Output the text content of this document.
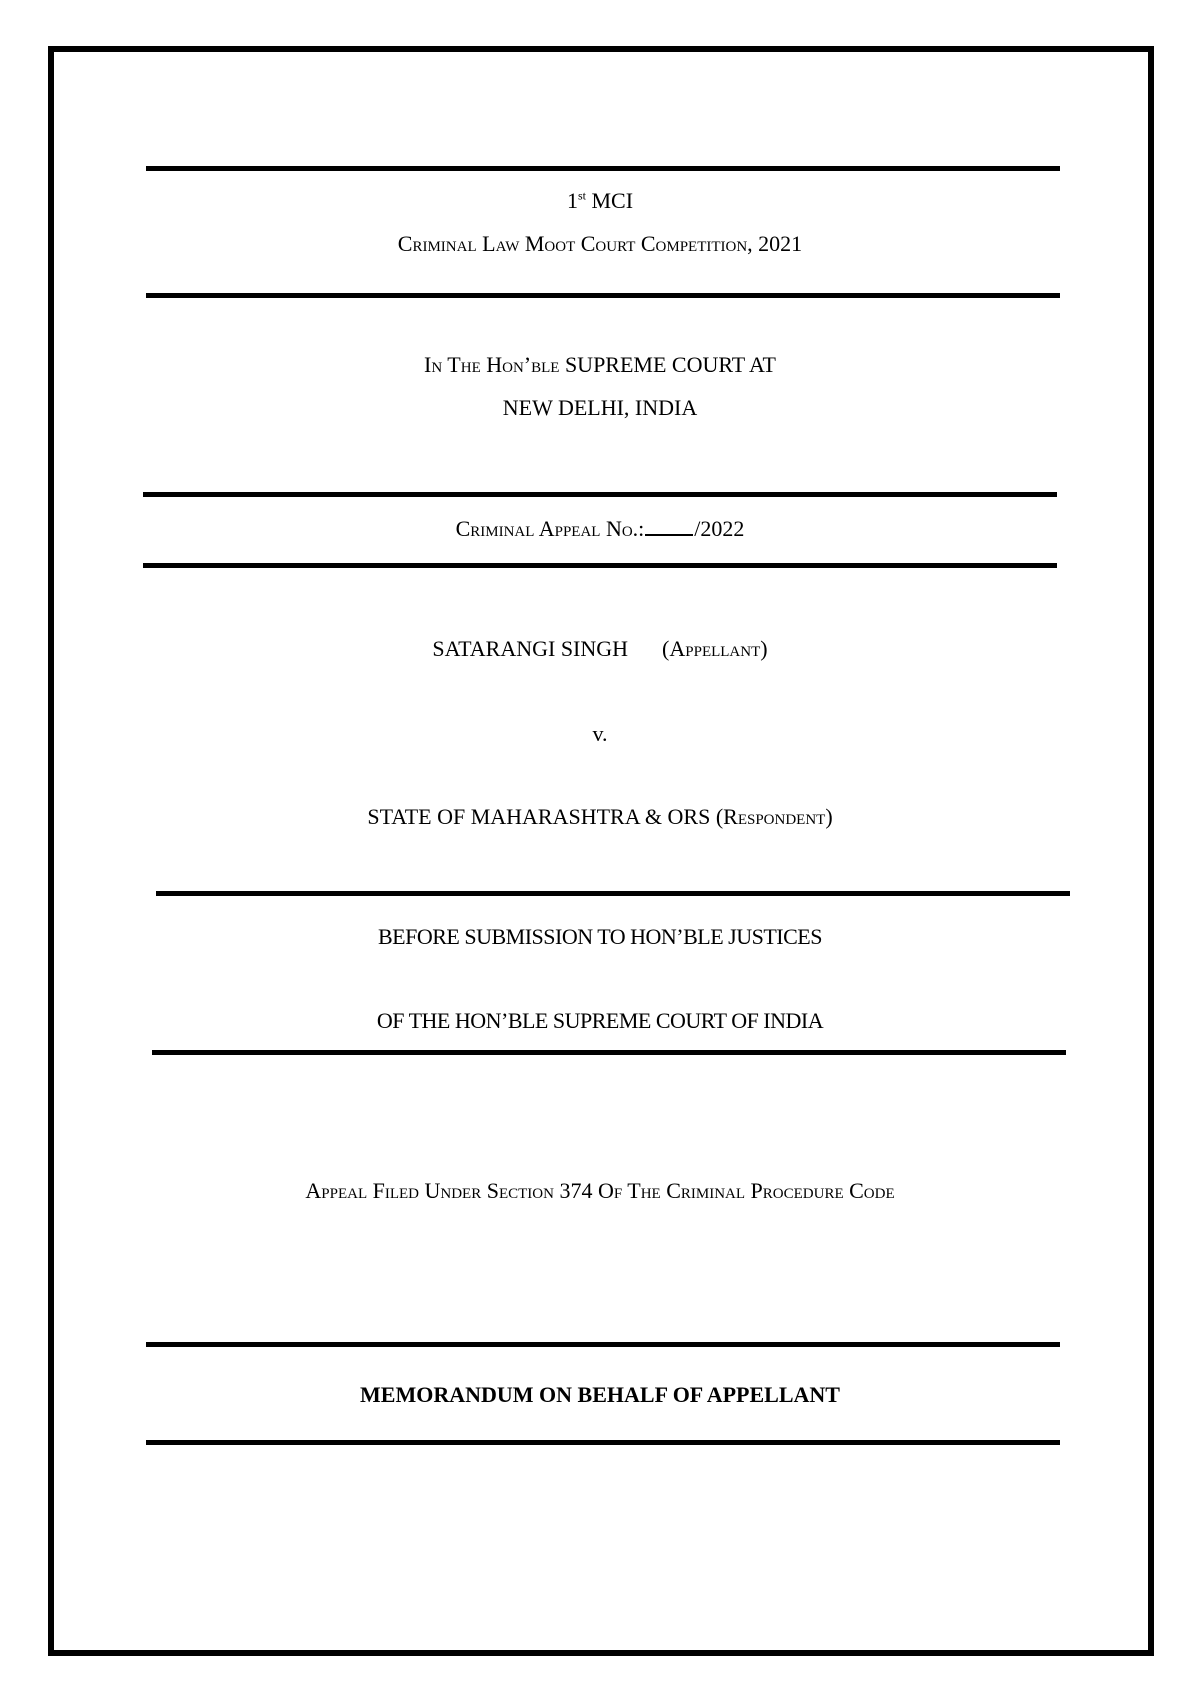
1st MCI
Criminal Law Moot Court Competition, 2021
In The Hon’ble SUPREME COURT AT
NEW DELHI, INDIA
Criminal Appeal No.: /2022
SATARANGI SINGH (Appellant)
v.
STATE OF MAHARASHTRA & ORS (Respondent)
BEFORE SUBMISSION TO HON’BLE JUSTICES
OF THE HON’BLE SUPREME COURT OF INDIA
Appeal Filed Under Section 374 Of The Criminal Procedure Code
MEMORANDUM ON BEHALF OF APPELLANT
